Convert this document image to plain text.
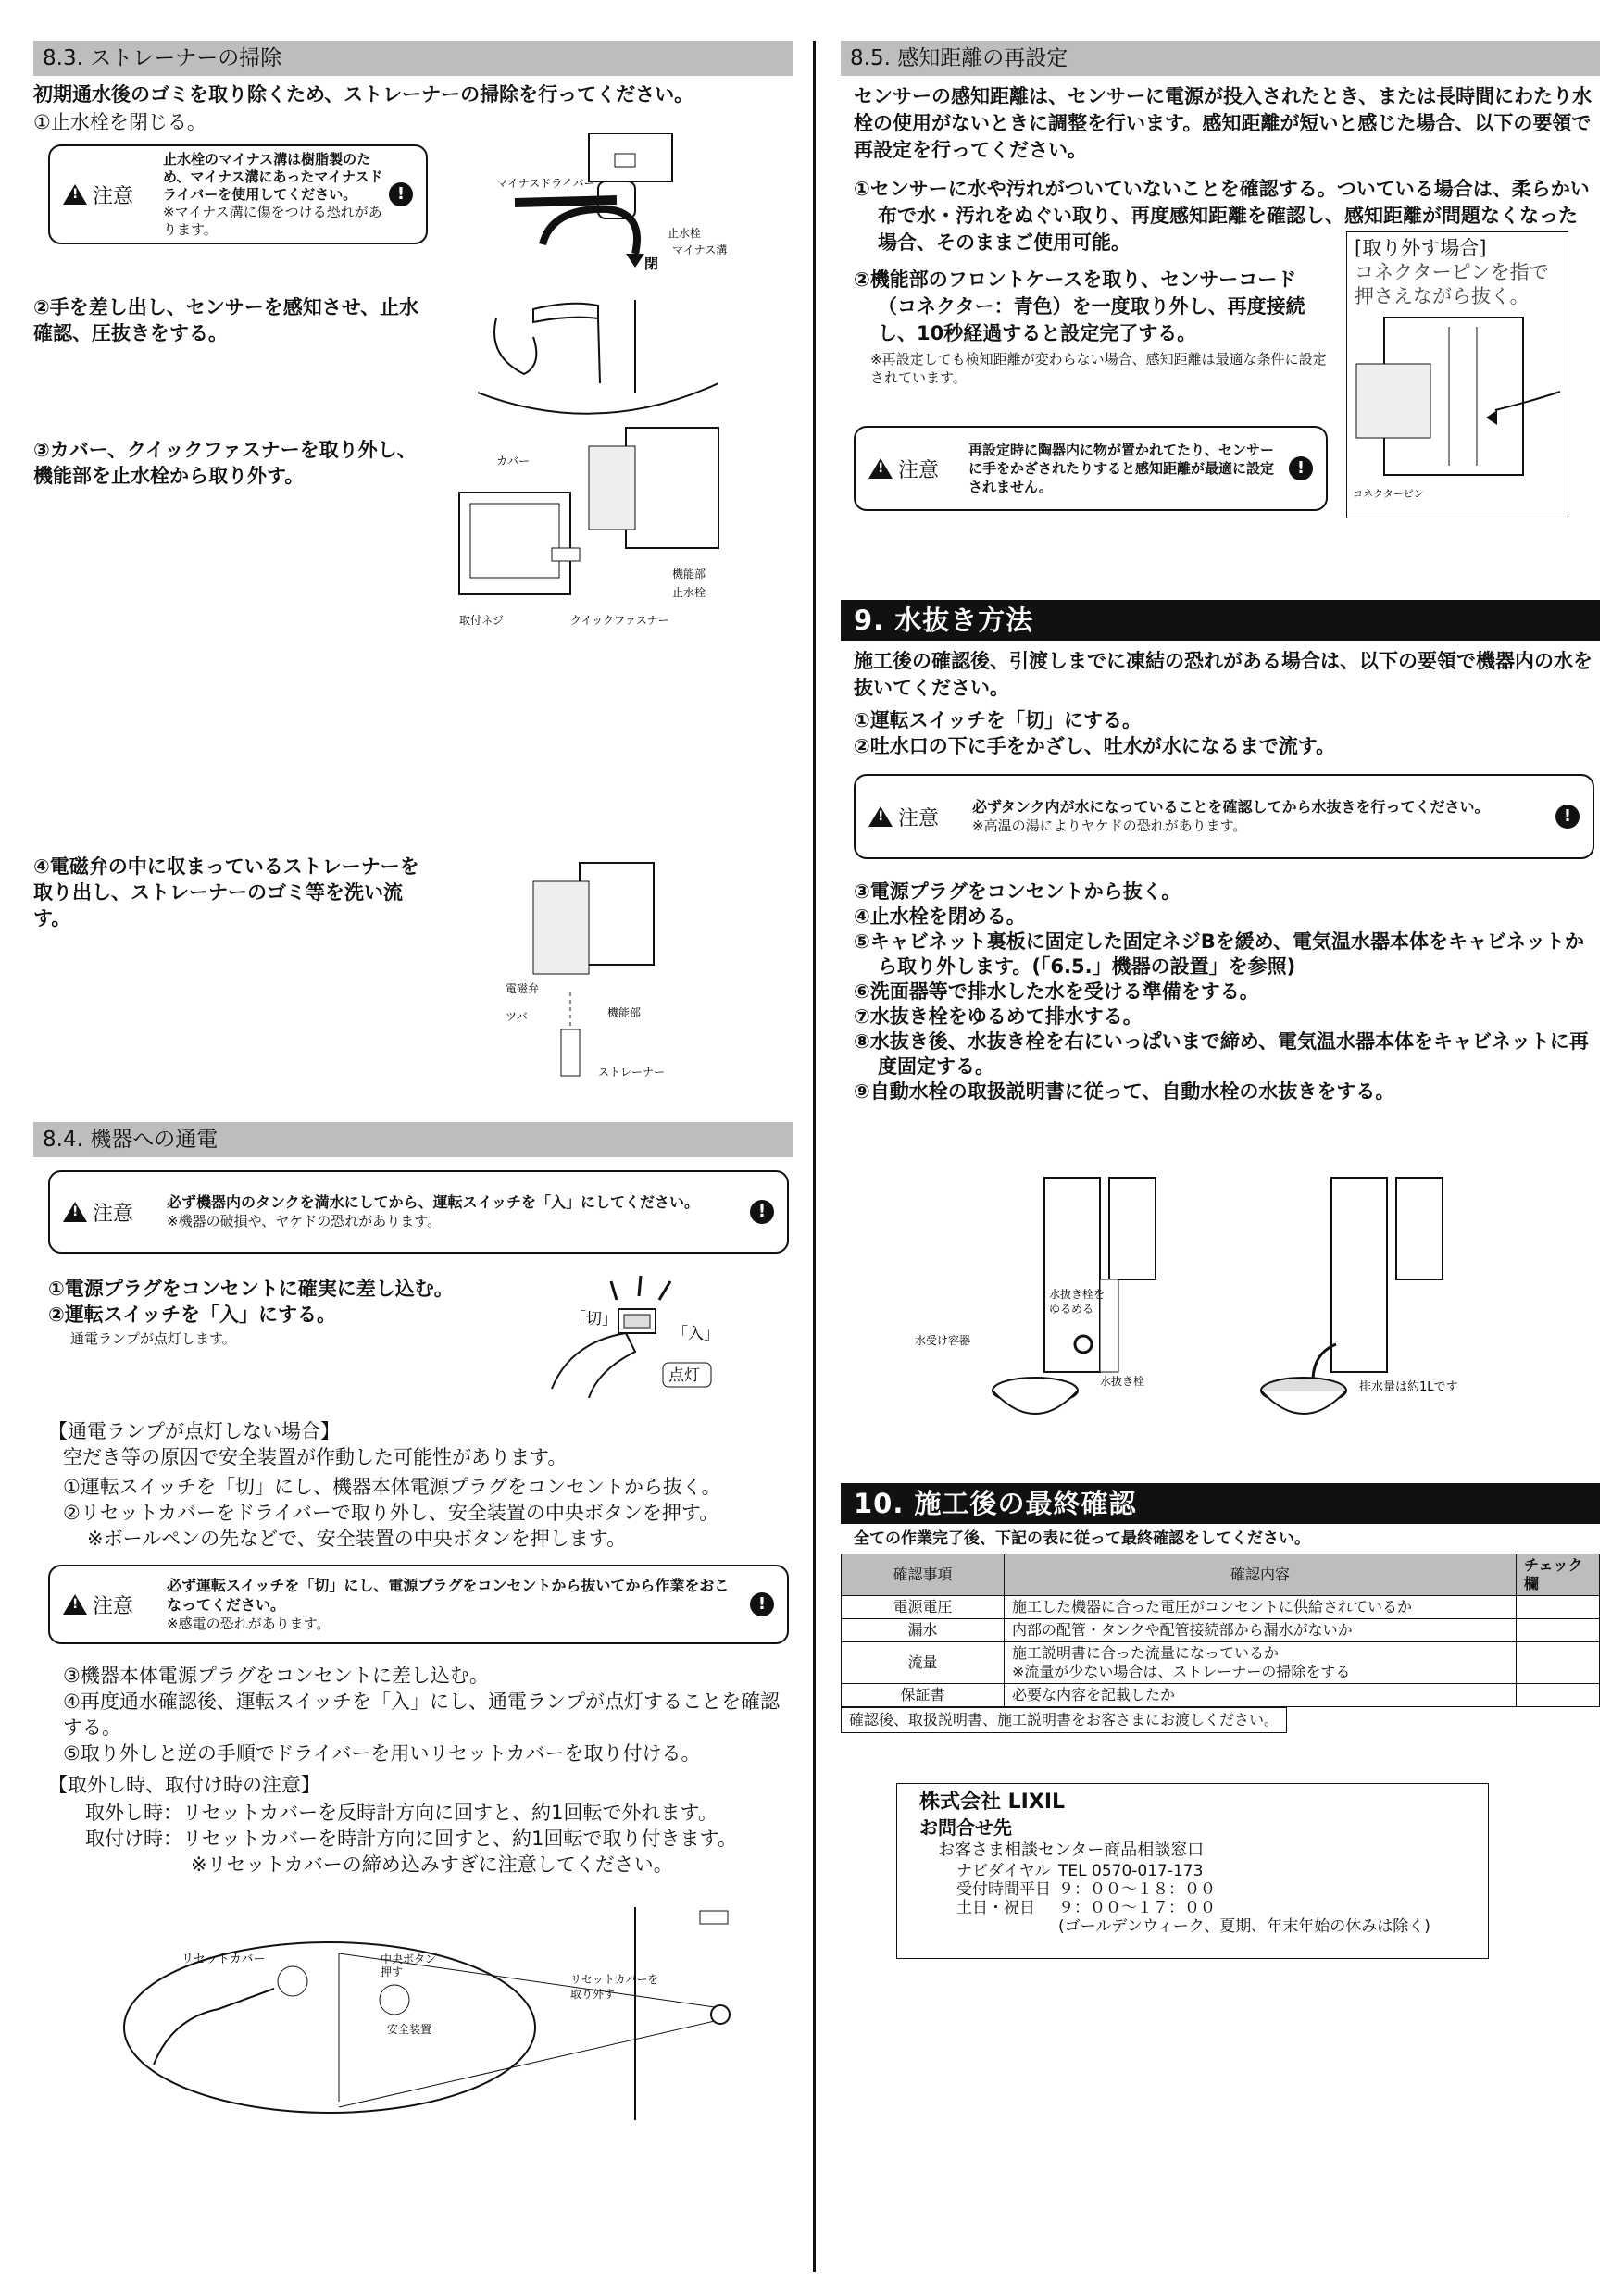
8.3. ストレーナーの掃除
初期通水後のゴミを取り除くため、ストレーナーの掃除を行ってください。
①止水栓を閉じる。
!
注意
止水栓のマイナス溝は樹脂製のため、マイナス溝にあったマイナスドライバーを使用してください。
※マイナス溝に傷をつける恐れがあります。
!
マイナスドライバー
止水栓
マイナス溝
閉
②手を差し出し、センサーを感知させ、止水確認、圧抜きをする。
③カバー、クイックファスナーを取り外し、機能部を止水栓から取り外す。
カバー
機能部
止水栓
取付ネジ	クイックファスナー
④電磁弁の中に収まっているストレーナーを取り出し、ストレーナーのゴミ等を洗い流す。
電磁弁
ツバ	機能部
ストレーナー
8.4. 機器への通電
!
注意 必ず機器内のタンクを満水にしてから、運転スイッチを「入」にしてください。
※機器の破損や、ヤケドの恐れがあります。	!
①電源プラグをコンセントに確実に差し込む。
②運転スイッチを「入」にする。
通電ランプが点灯します。
「切」
「入」
点灯
【通電ランプが点灯しない場合】
空だき等の原因で安全装置が作動した可能性があります。
①運転スイッチを「切」にし、機器本体電源プラグをコンセントから抜く。
②リセットカバーをドライバーで取り外し、安全装置の中央ボタンを押す。
※ボールペンの先などで、安全装置の中央ボタンを押します。
!
注意
必ず運転スイッチを「切」にし、電源プラグをコンセントから抜いてから作業をおこなってください。
※感電の恐れがあります。
!
③機器本体電源プラグをコンセントに差し込む。
④再度通水確認後、運転スイッチを「入」にし、通電ランプが点灯することを確認する。
⑤取り外しと逆の手順でドライバーを用いリセットカバーを取り付ける。
【取外し時、取付け時の注意】
取外し時：リセットカバーを反時計方向に回すと、約1回転で外れます。
取付け時：リセットカバーを時計方向に回すと、約1回転で取り付きます。
※リセットカバーの締め込みすぎに注意してください。
リセットカバー	中央ボタン
押す
安全装置
リセットカバーを
取り外す
8.5. 感知距離の再設定
センサーの感知距離は、センサーに電源が投入されたとき、または長時間にわたり水栓の使用がないときに調整を行います。感知距離が短いと感じた場合、以下の要領で再設定を行ってください。
①センサーに水や汚れがついていないことを確認する。ついている場合は、柔らかい布で水・汚れをぬぐい取り、再度感知距離を確認し、感知距離が問題なくなった場合、そのままご使用可能。
②機能部のフロントケースを取り、センサーコード（コネクター：青色）を一度取り外し、再度接続し、10秒経過すると設定完了する。
※再設定しても検知距離が変わらない場合、感知距離は最適な条件に設定されています。
!
注意
再設定時に陶器内に物が置かれてたり、センサーに手をかざされたりすると感知距離が最適に設定されません。
!
[取り外す場合]
コネクターピンを指で押さえながら抜く。
コネクターピン
9. 水抜き方法
施工後の確認後、引渡しまでに凍結の恐れがある場合は、以下の要領で機器内の水を抜いてください。
①運転スイッチを「切」にする。
②吐水口の下に手をかざし、吐水が水になるまで流す。
!
注意 必ずタンク内が水になっていることを確認してから水抜きを行ってください。
※高温の湯によりヤケドの恐れがあります。	!
③電源プラグをコンセントから抜く。
④止水栓を閉める。
⑤キャビネット裏板に固定した固定ネジBを緩め、電気温水器本体をキャビネットから取り外します。(「6.5.」機器の設置」を参照)
⑥洗面器等で排水した水を受ける準備をする。
⑦水抜き栓をゆるめて排水する。
⑧水抜き後、水抜き栓を右にいっぱいまで締め、電気温水器本体をキャビネットに再度固定する。
⑨自動水栓の取扱説明書に従って、自動水栓の水抜きをする。
水受け容器
水抜き栓を
ゆるめる
水抜き栓	排水量は約1Lです
10. 施工後の最終確認
全ての作業完了後、下記の表に従って最終確認をしてください。
確認事項	確認内容	チェック欄
電源電圧	施工した機器に合った電圧がコンセントに供給されているか	
漏水	内部の配管・タンクや配管接続部から漏水がないか	
流量	施工説明書に合った流量になっているか
※流量が少ない場合は、ストレーナーの掃除をする	

保証書	必要な内容を記載したか	
確認後、取扱説明書、施工説明書をお客さまにお渡しください。
株式会社 LIXIL
お問合せ先
お客さま相談センター商品相談窓口
ナビダイヤル TEL 0570-017-173
受付時間平日 ９：００～１８：００
土日・祝日 ９：００～１７：００
(ゴールデンウィーク、夏期、年末年始の休みは除く)
